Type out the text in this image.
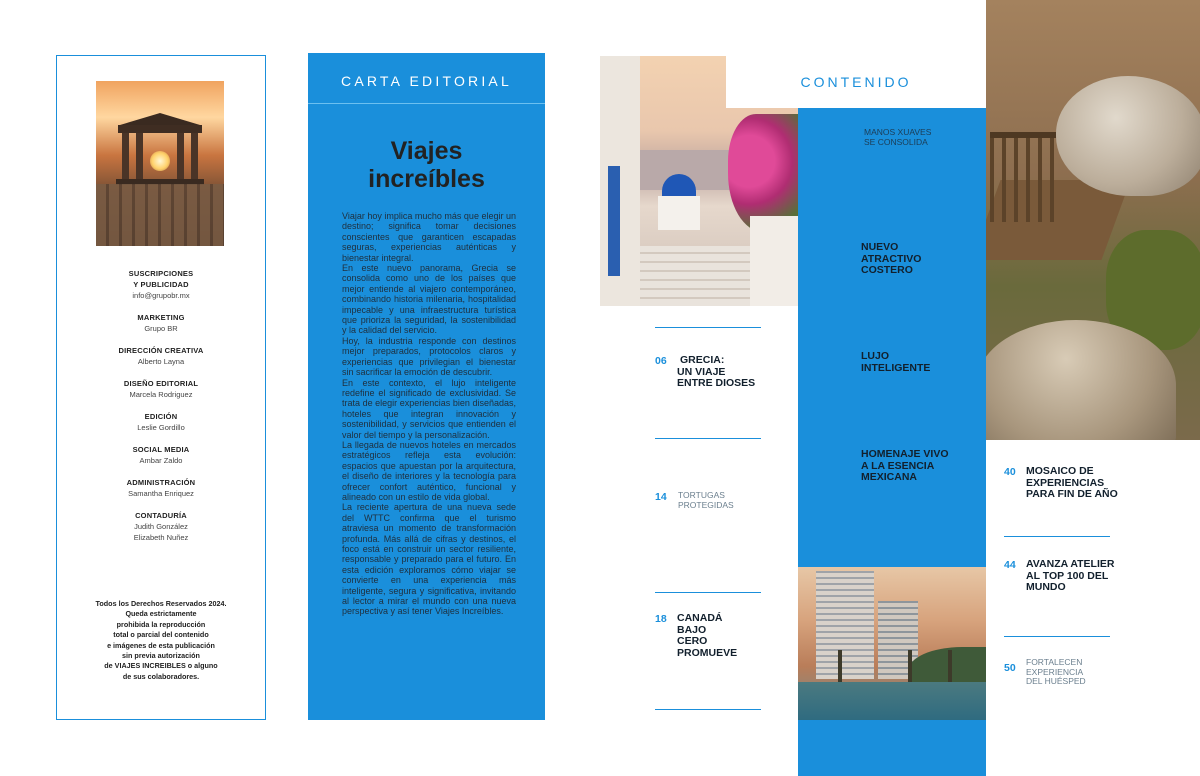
SUSCRIPCIONES
Y PUBLICIDAD
info@grupobr.mx
MARKETING
Grupo BR
DIRECCIÓN CREATIVA
Alberto Layna
DISEÑO EDITORIAL
Marcela Rodriguez
EDICIÓN
Leslie Gordillo
SOCIAL MEDIA
Ambar Zaldo
ADMINISTRACIÓN
Samantha Enriquez
CONTADURÍA
Judith González
Elizabeth Nuñez
Todos los Derechos Reservados 2024.
Queda estrictamente
prohibida la reproducción
total o parcial del contenido
e imágenes de esta publicación
sin previa autorización
de VIAJES INCREIBLES o alguno
de sus colaboradores.
CARTA EDITORIAL
Viajes
increíbles

Viajar hoy implica mucho más que elegir un destino; significa tomar decisiones conscientes que garanticen escapadas seguras, experiencias auténticas y bienestar integral.

En este nuevo panorama, Grecia se consolida como uno de los países que mejor entiende al viajero contemporáneo, combinando historia milenaria, hospitalidad impecable y una infraestructura turística que prioriza la seguridad, la sostenibilidad y la calidad del servicio.

Hoy, la industria responde con destinos mejor preparados, protocolos claros y experiencias que privilegian el bienestar sin sacrificar la emoción de descubrir.

En este contexto, el lujo inteligente redefine el significado de exclusividad. Se trata de elegir experiencias bien diseñadas, hoteles que integran innovación y sostenibilidad, y servicios que entienden el valor del tiempo y la personalización.

La llegada de nuevos hoteles en mercados estratégicos refleja esta evolución: espacios que apuestan por la arquitectura, el diseño de interiores y la tecnología para ofrecer confort auténtico, funcional y alineado con un estilo de vida global.

La reciente apertura de una nueva sede del WTTC confirma que el turismo atraviesa un momento de transformación profunda. Más allá de cifras y destinos, el foco está en construir un sector resiliente, responsable y preparado para el futuro. En esta edición exploramos cómo viajar se convierte en una experiencia más inteligente, segura y significativa, invitando al lector a mirar el mundo con una nueva perspectiva y así tener Viajes Increíbles.

CONTENIDO
06 GRECIA:
UN VIAJE
ENTRE DIOSES
14 TORTUGAS
PROTEGIDAS
18 CANADÁ
BAJO
CERO
PROMUEVE
MANOS XUAVES
SE CONSOLIDA
NUEVO
ATRACTIVO
COSTERO
LUJO
INTELIGENTE
HOMENAJE VIVO
A LA ESENCIA
MEXICANA	40 MOSAICO DE
EXPERIENCIAS
PARA FIN DE AÑO
44 AVANZA ATELIER
AL TOP 100 DEL
MUNDO
50 FORTALECEN
EXPERIENCIA
DEL HUÉSPED
